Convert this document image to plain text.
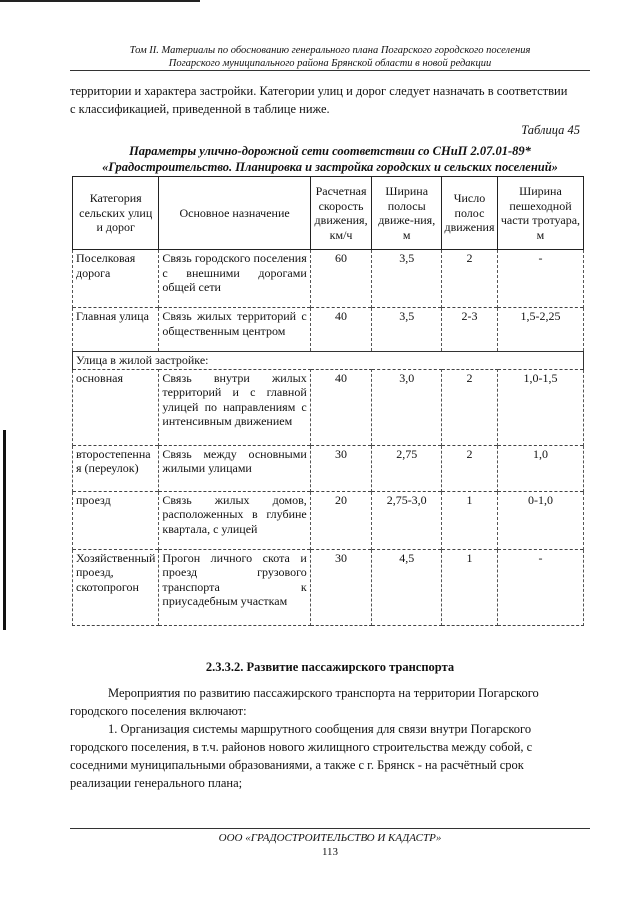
Том II. Материалы по обоснованию генерального плана Погарского городского поселения
Погарского муниципального района Брянской области в новой редакции
территории и характера застройки. Категории улиц и дорог следует назначать в соответствии
с классификацией, приведенной в таблице ниже.
Таблица 45
Параметры улично-дорожной сети соответствии со СНиП 2.07.01-89*
«Градостроительство. Планировка и застройка городских и сельских поселений»
Категория сельских улиц и дорог	Основное назначение	Расчетная скорость движения, км/ч	Ширина полосы движе-ния, м	Число полос движения	Ширина пешеходной части тротуара, м
Поселковая дорога	Связь городского поселения с внешними дорогами общей сети	60	3,5	2	-
Главная улица	Связь жилых территорий с общественным центром	40	3,5	2-3	1,5-2,25
Улица в жилой застройке:					
основная	Связь внутри жилых территорий и с главной улицей по направлениям с интенсивным движением	40	3,0	2	1,0-1,5
второстепенная (переулок)	Связь между основными жилыми улицами	30	2,75	2	1,0
проезд	Связь жилых домов, расположенных в глубине квартала, с улицей	20	2,75-3,0	1	0-1,0
Хозяйственный проезд, скотопрогон	Прогон личного скота и проезд грузового транспорта к приусадебным участкам	30	4,5	1	-
2.3.3.2. Развитие пассажирского транспорта
Мероприятия по развитию пассажирского транспорта на территории Погарского
городского поселения включают:
1. Организация системы маршрутного сообщения для связи внутри Погарского
городского поселения, в т.ч. районов нового жилищного строительства между собой, с
соседними муниципальными образованиями, а также с г. Брянск - на расчётный срок
реализации генерального плана;
ООО «ГРАДОСТРОИТЕЛЬСТВО И КАДАСТР»
113
